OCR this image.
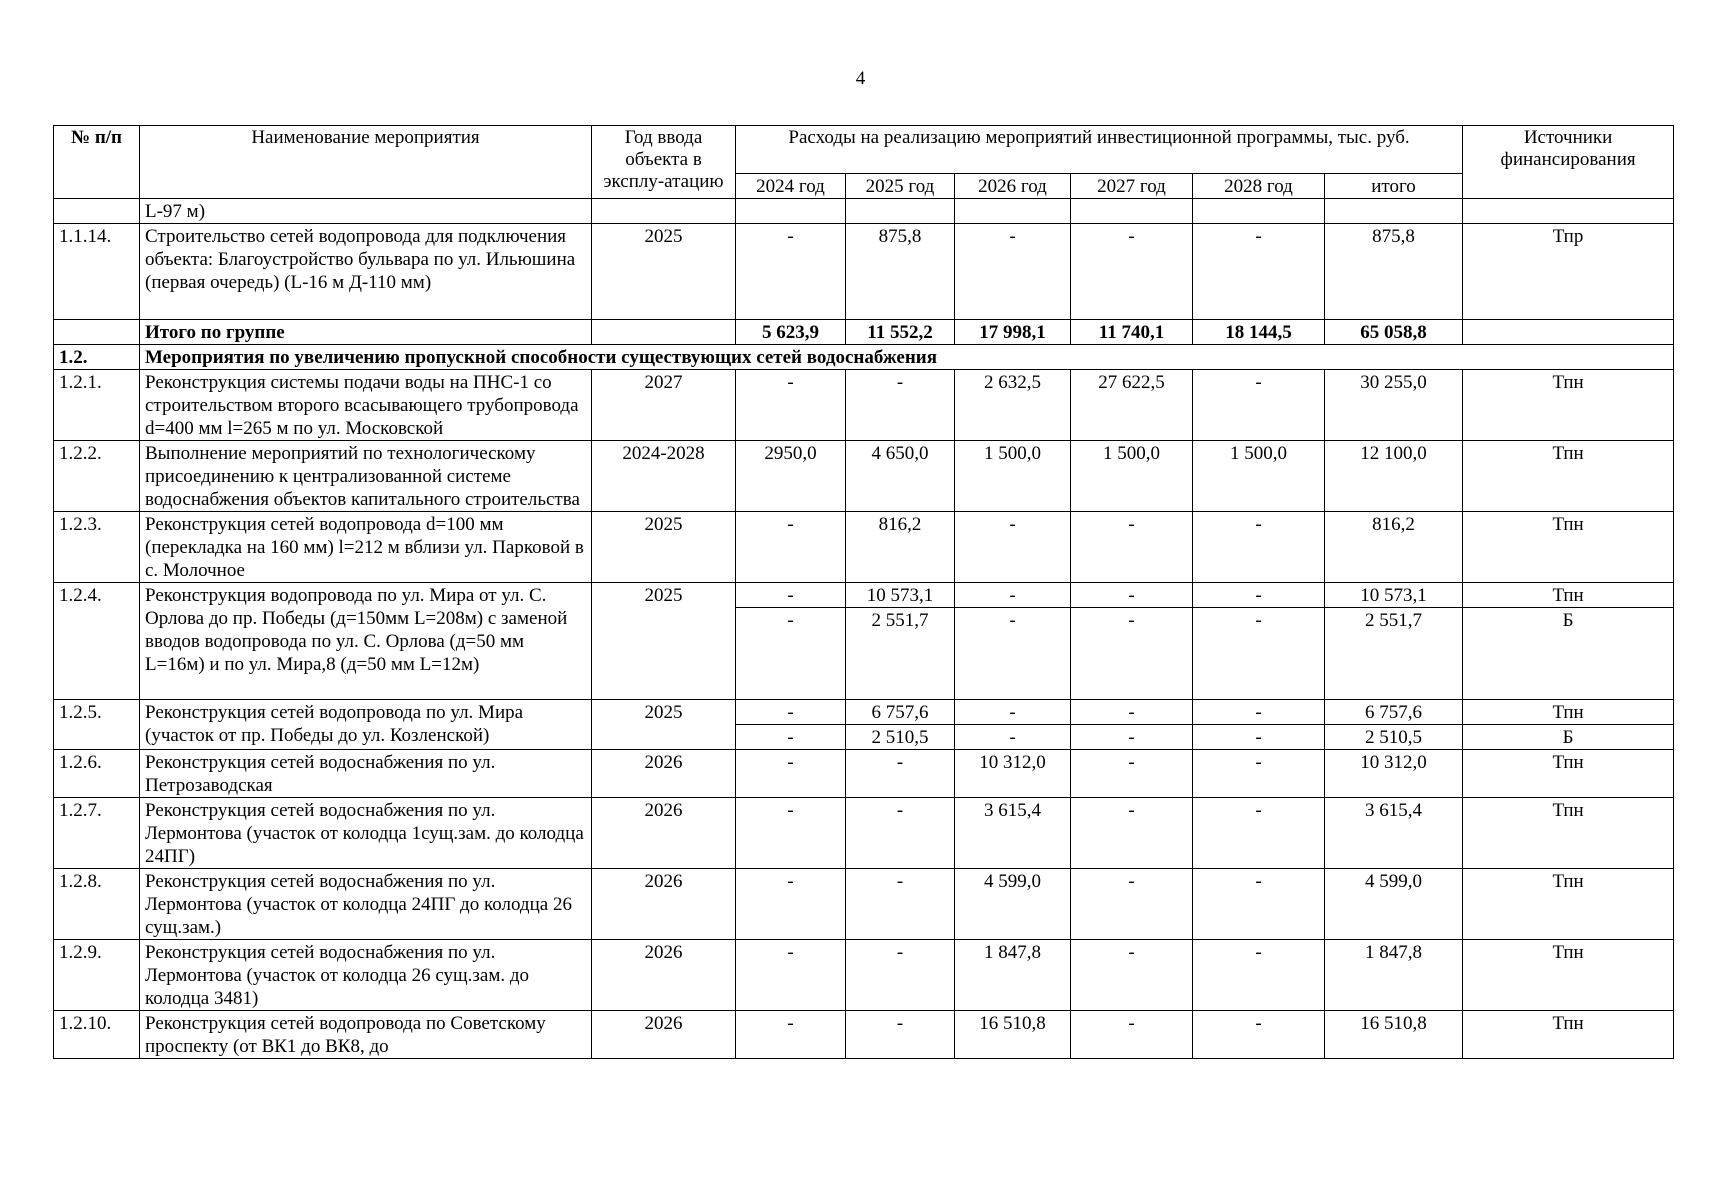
4
№ п/п	Наименование мероприятия	Год ввода объекта в эксплу-атацию	Расходы на реализацию мероприятий инвестиционной программы, тыс. руб.						Источники финансирования
			2024 год	2025 год	2026 год	2027 год	2028 год	итого	
	L-97 м)								
1.1.14.	Строительство сетей водопровода для подключения объекта: Благоустройство бульвара по ул. Ильюшина (первая очередь) (L-16 м Д-110 мм)	2025	-	875,8	-	-	-	875,8	Тпр
	Итого по группе		5 623,9	11 552,2	17 998,1	11 740,1	18 144,5	65 058,8	
1.2.	Мероприятия по увеличению пропускной способности существующих сетей водоснабжения								
1.2.1.	Реконструкция системы подачи воды на ПНС-1 со строительством второго всасывающего трубопровода d=400 мм l=265 м по ул. Московской	2027	-	-	2 632,5	27 622,5	-	30 255,0	Тпн
1.2.2.	Выполнение мероприятий по технологическому присоединению к централизованной системе водоснабжения объектов капитального строительства	2024-2028	2950,0	4 650,0	1 500,0	1 500,0	1 500,0	12 100,0	Тпн
1.2.3.	Реконструкция сетей водопровода d=100 мм (перекладка на 160 мм) l=212 м вблизи ул. Парковой в с. Молочное	2025	-	816,2	-	-	-	816,2	Тпн
1.2.4.	Реконструкция водопровода по ул. Мира от ул. С. Орлова до пр. Победы (д=150мм L=208м) с заменой вводов водопровода по ул. С. Орлова (д=50 мм L=16м) и по ул. Мира,8 (д=50 мм L=12м)	2025	-	10 573,1	-	-	-	10 573,1	Тпн
			-	2 551,7	-	-	-	2 551,7	Б
1.2.5.	Реконструкция сетей водопровода по ул. Мира (участок от пр. Победы до ул. Козленской)	2025	-	6 757,6	-	-	-	6 757,6	Тпн
			-	2 510,5	-	-	-	2 510,5	Б
1.2.6.	Реконструкция сетей водоснабжения по ул. Петрозаводская	2026	-	-	10 312,0	-	-	10 312,0	Тпн
1.2.7.	Реконструкция сетей водоснабжения по ул. Лермонтова (участок от колодца 1сущ.зам. до колодца 24ПГ)	2026	-	-	3 615,4	-	-	3 615,4	Тпн
1.2.8.	Реконструкция сетей водоснабжения по ул. Лермонтова (участок от колодца 24ПГ до колодца 26 сущ.зам.)	2026	-	-	4 599,0	-	-	4 599,0	Тпн
1.2.9.	Реконструкция сетей водоснабжения по ул. Лермонтова (участок от колодца 26 сущ.зам. до колодца 3481)	2026	-	-	1 847,8	-	-	1 847,8	Тпн
1.2.10.	Реконструкция сетей водопровода по Советскому проспекту (от ВК1 до ВК8, до	2026	-	-	16 510,8	-	-	16 510,8	Тпн
